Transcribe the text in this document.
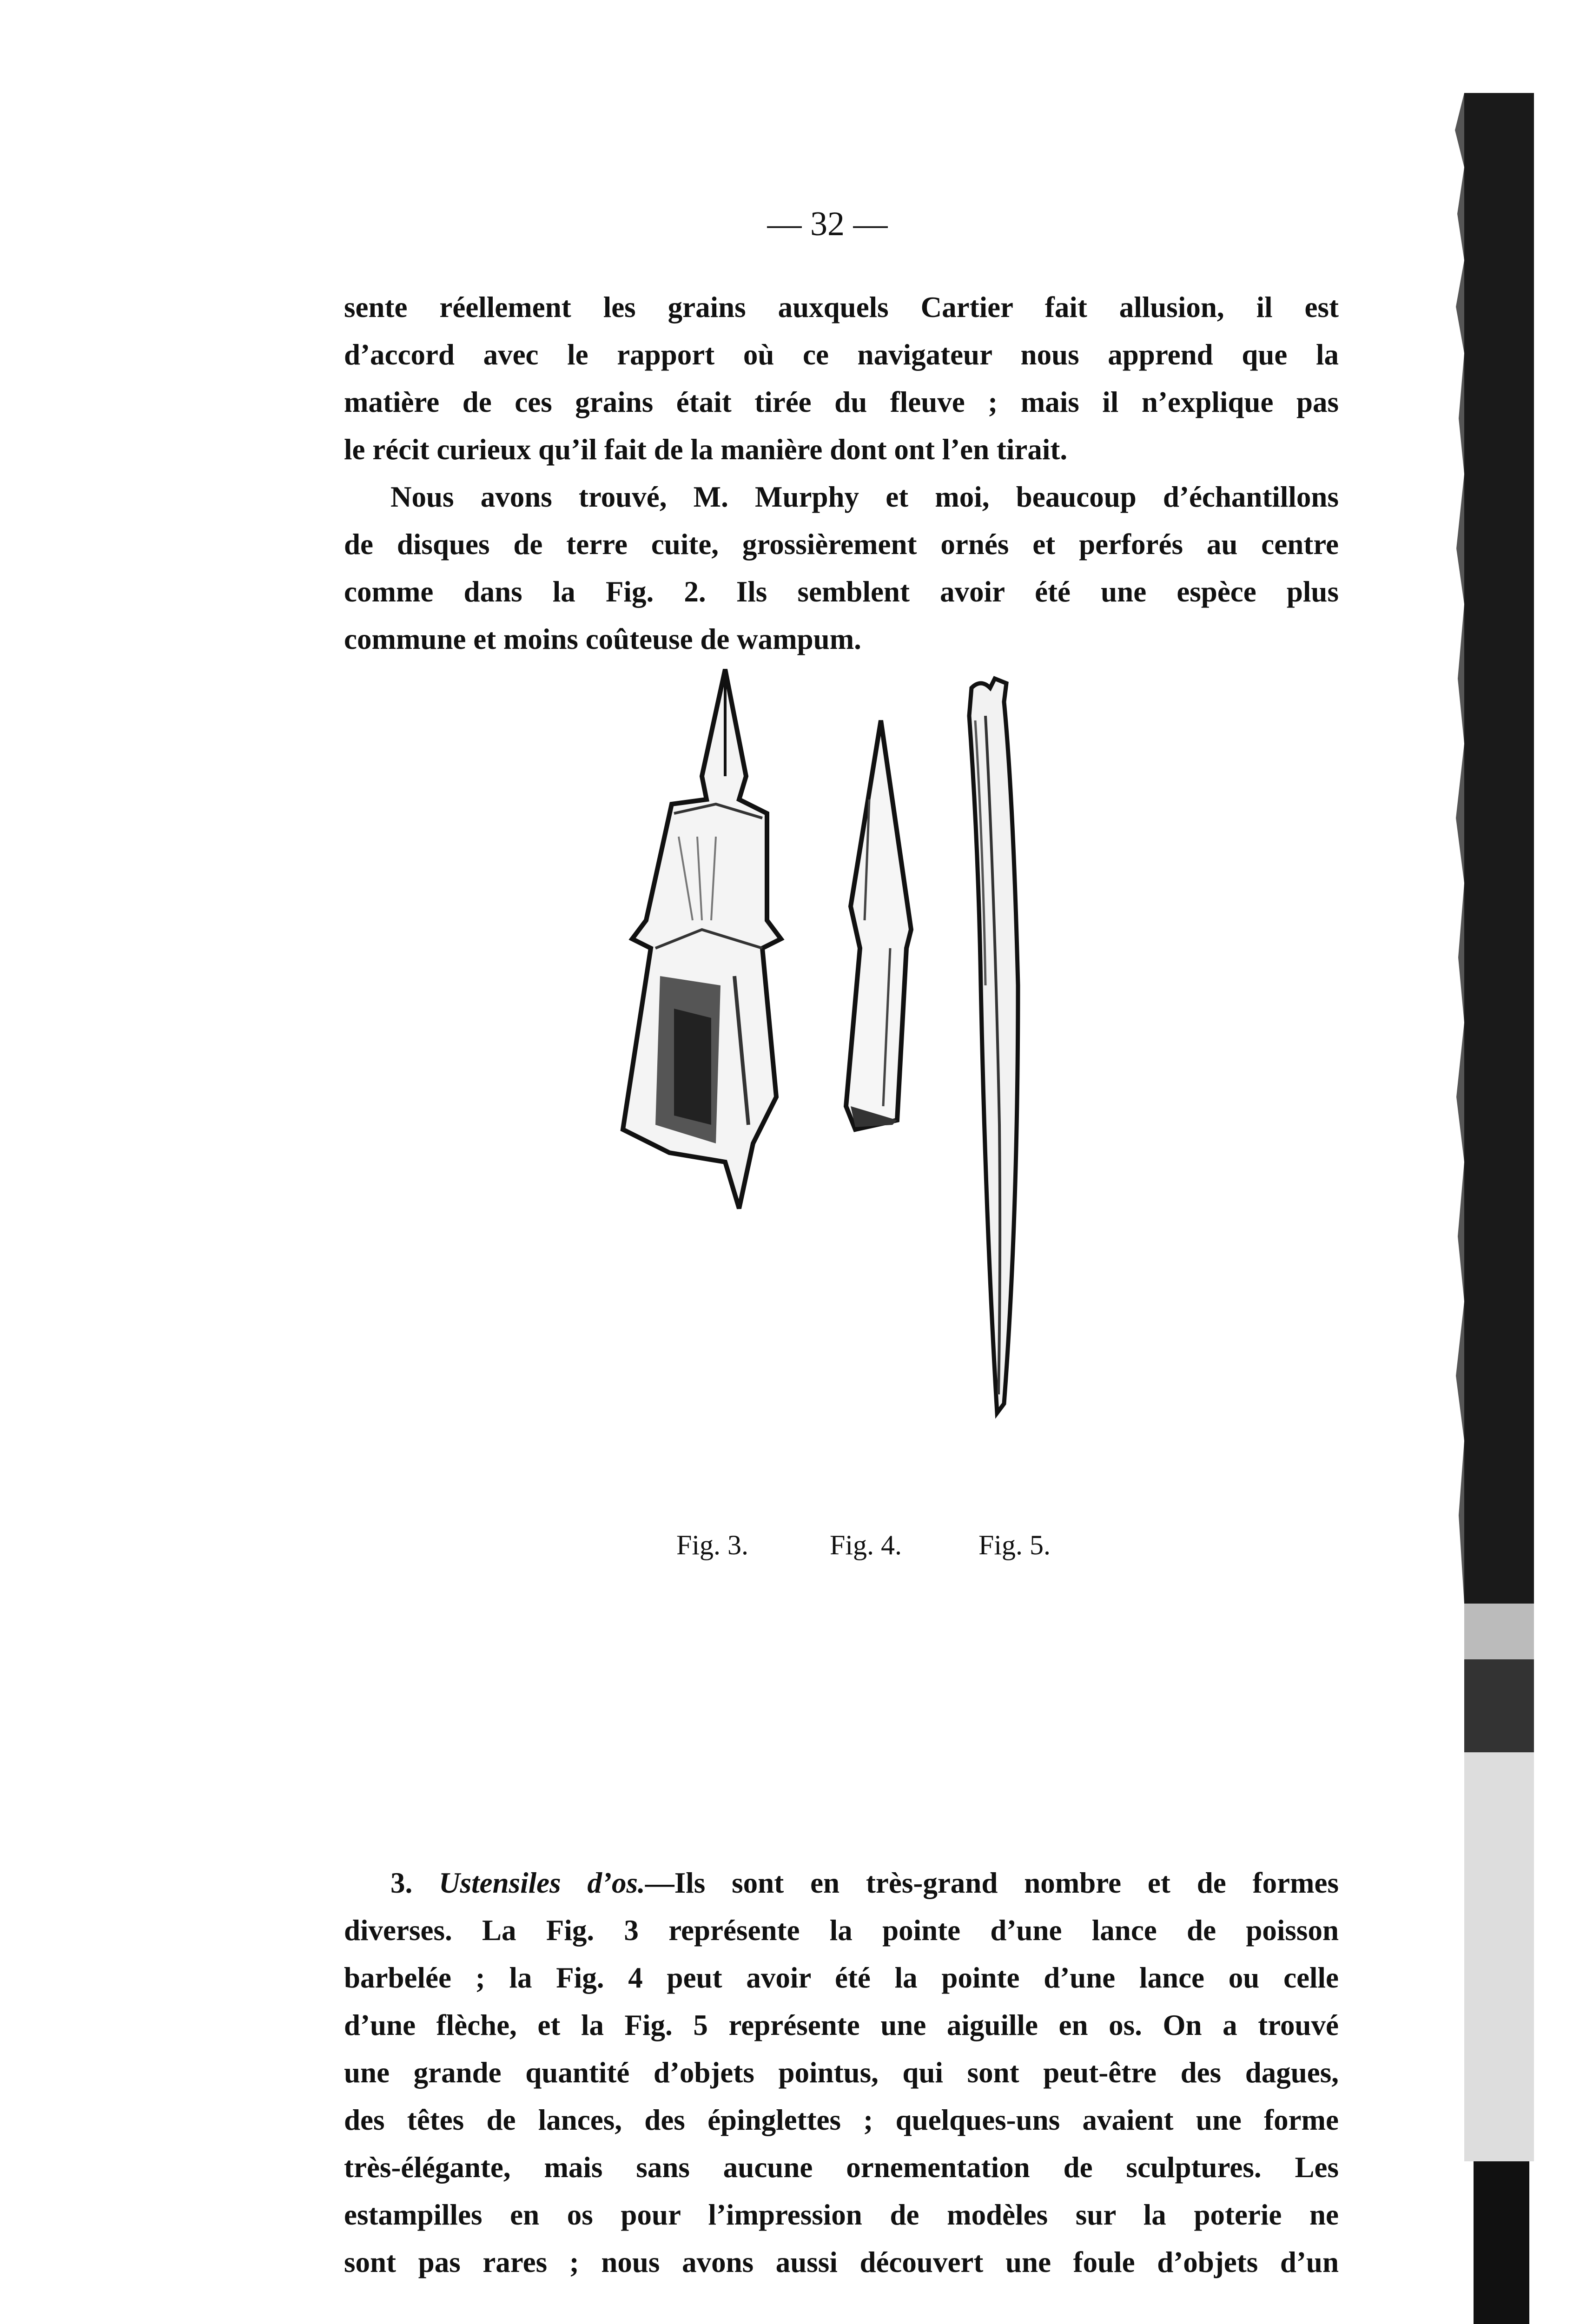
— 32 —
sente réellement les grains auxquels Cartier fait allusion, il est
d’accord avec le rapport où ce navigateur nous apprend que la
matière de ces grains était tirée du fleuve ; mais il n’explique pas
le récit curieux qu’il fait de la manière dont ont l’en tirait.
Nous avons trouvé, M. Murphy et moi, beaucoup d’échantillons
de disques de terre cuite, grossièrement ornés et perforés au centre
comme dans la Fig. 2. Ils semblent avoir été une espèce plus
commune et moins coûteuse de wampum.
Fig. 3.	Fig. 4.	Fig. 5.
3. Ustensiles d’os.—Ils sont en très-grand nombre et de formes
diverses. La Fig. 3 représente la pointe d’une lance de poisson
barbelée ; la Fig. 4 peut avoir été la pointe d’une lance ou celle
d’une flèche, et la Fig. 5 représente une aiguille en os. On a trouvé
une grande quantité d’objets pointus, qui sont peut-être des dagues,
des têtes de lances, des épinglettes ; quelques-uns avaient une forme
très-élégante, mais sans aucune ornementation de sculptures. Les
estampilles en os pour l’impression de modèles sur la poterie ne
sont pas rares ; nous avons aussi découvert une foule d’objets d’un
